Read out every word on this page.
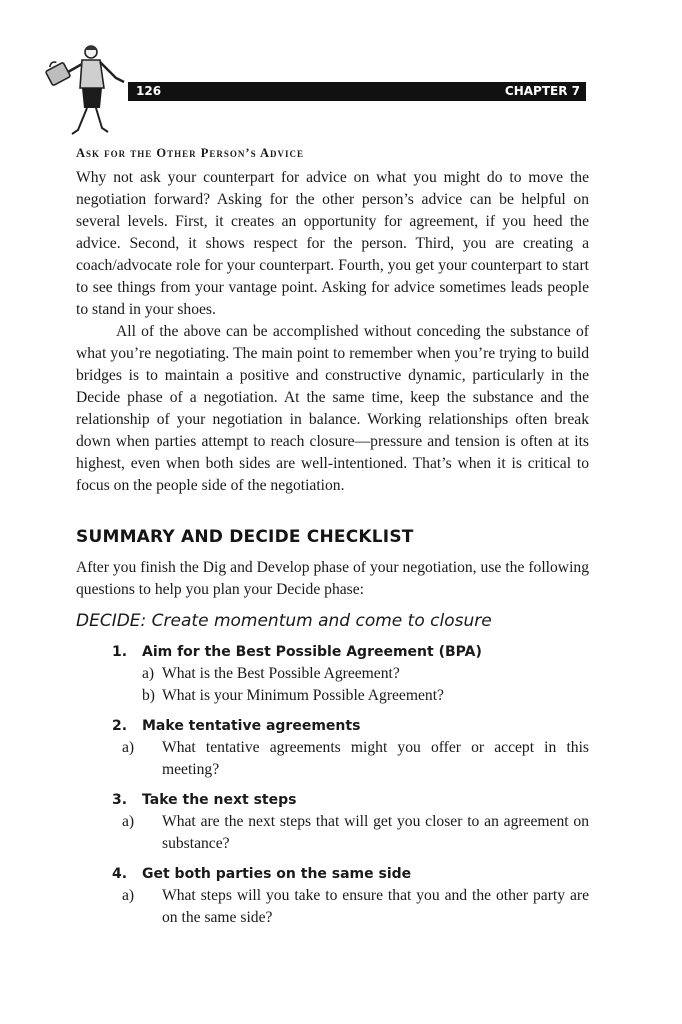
126	CHAPTER 7
Ask for the Other Person’s Advice

Why not ask your counterpart for advice on what you might do to move the negotiation forward? Asking for the other person’s advice can be helpful on several levels. First, it creates an opportunity for agreement, if you heed the advice. Second, it shows respect for the person. Third, you are creating a coach/advocate role for your counterpart. Fourth, you get your counterpart to start to see things from your vantage point. Asking for advice sometimes leads people to stand in your shoes.

All of the above can be accomplished without conceding the substance of what you’re negotiating. The main point to remember when you’re trying to build bridges is to maintain a positive and constructive dynamic, particularly in the Decide phase of a negotiation. At the same time, keep the substance and the relationship of your negotiation in balance. Working relationships often break down when parties attempt to reach closure—pressure and tension is often at its highest, even when both sides are well-intentioned. That’s when it is critical to focus on the people side of the negotiation.

SUMMARY AND DECIDE CHECKLIST

After you finish the Dig and Develop phase of your negotiation, use the following questions to help you plan your Decide phase:

DECIDE: Create momentum and come to closure
1. Aim for the Best Possible Agreement (BPA)
a) What is the Best Possible Agreement?
b) What is your Minimum Possible Agreement?
2. Make tentative agreements
a) What tentative agreements might you offer or accept in this meeting?
3. Take the next steps
a) What are the next steps that will get you closer to an agreement on substance?
4. Get both parties on the same side
a) What steps will you take to ensure that you and the other party are on the same side?
